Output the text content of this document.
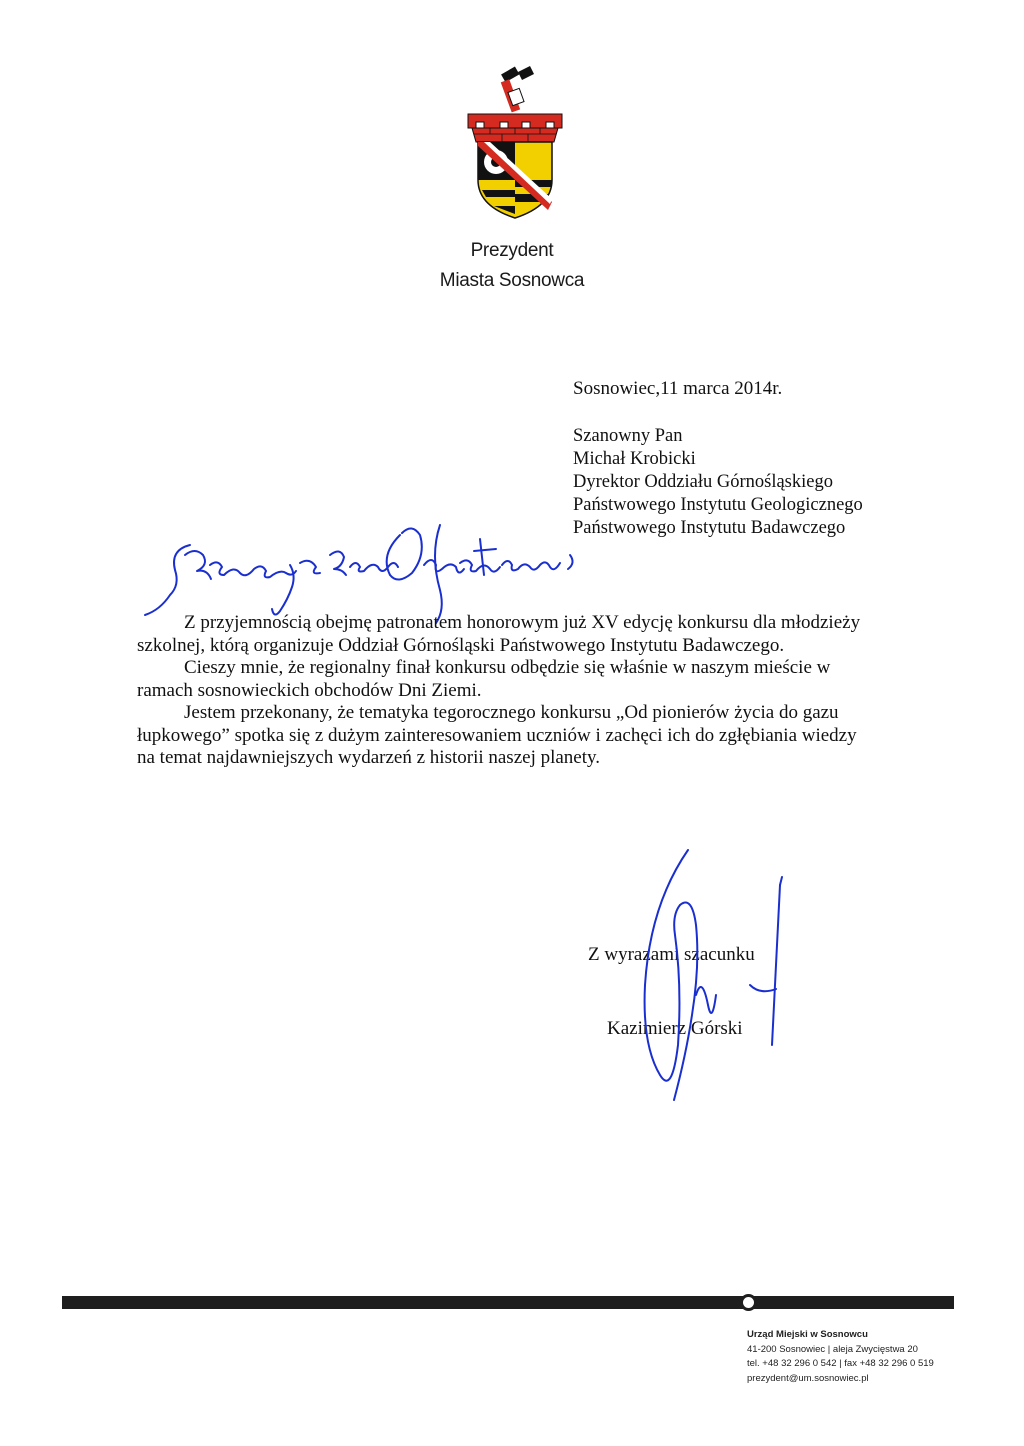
Prezydent
Miasta Sosnowca
Sosnowiec,11 marca 2014r.
Szanowny Pan
Michał Krobicki
Dyrektor Oddziału Górnośląskiego
Państwowego Instytutu Geologicznego
Państwowego Instytutu Badawczego

Z przyjemnością obejmę patronatem honorowym już XV edycję konkursu dla młodzieży szkolnej, którą organizuje Oddział Górnośląski Państwowego Instytutu Badawczego.

Cieszy mnie, że regionalny finał konkursu odbędzie się właśnie w naszym mieście w ramach sosnowieckich obchodów Dni Ziemi.

Jestem przekonany, że tematyka tegorocznego konkursu „Od pionierów życia do gazu łupkowego” spotka się z dużym zainteresowaniem uczniów i zachęci ich do zgłębiania wiedzy na temat najdawniejszych wydarzeń z historii naszej planety.

Z wyrazami szacunku
Kazimierz Górski
Urząd Miejski w Sosnowcu
41-200 Sosnowiec | aleja Zwycięstwa 20
tel. +48 32 296 0 542 | fax +48 32 296 0 519
prezydent@um.sosnowiec.pl
